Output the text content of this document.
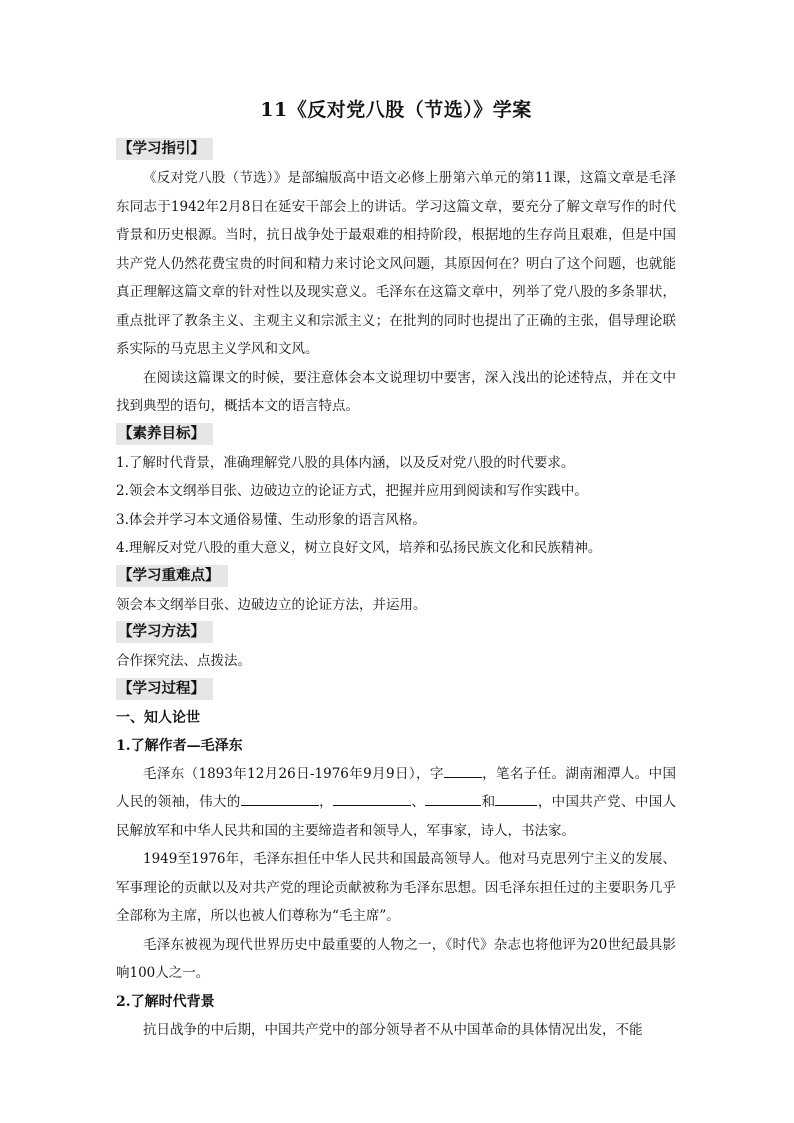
11《反对党八股（节选）》学案
【学习指引】

《反对党八股（节选）》是部编版高中语文必修上册第六单元的第11课，这篇文章是毛泽东同志于1942年2月8日在延安干部会上的讲话。学习这篇文章，要充分了解文章写作的时代背景和历史根源。当时，抗日战争处于最艰难的相持阶段，根据地的生存尚且艰难，但是中国共产党人仍然花费宝贵的时间和精力来讨论文风问题，其原因何在？明白了这个问题，也就能真正理解这篇文章的针对性以及现实意义。毛泽东在这篇文章中，列举了党八股的多条罪状，重点批评了教条主义、主观主义和宗派主义；在批判的同时也提出了正确的主张，倡导理论联系实际的马克思主义学风和文风。

在阅读这篇课文的时候，要注意体会本文说理切中要害，深入浅出的论述特点，并在文中找到典型的语句，概括本文的语言特点。

【素养目标】
1.了解时代背景，准确理解党八股的具体内涵，以及反对党八股的时代要求。
2.领会本文纲举目张、边破边立的论证方式，把握并应用到阅读和写作实践中。
3.体会并学习本文通俗易懂、生动形象的语言风格。
4.理解反对党八股的重大意义，树立良好文风，培养和弘扬民族文化和民族精神。
【学习重难点】
领会本文纲举目张、边破边立的论证方法，并运用。
【学习方法】
合作探究法、点拨法。
【学习过程】
一、知人论世
1.了解作者—毛泽东

毛泽东（1893年12月26日-1976年9月9日），字	，笔名子任。湖南湘潭人。中国人民的领袖，伟大的	，	、	和	，中国共产党、中国人民解放军和中华人民共和国的主要缔造者和领导人，军事家，诗人，书法家。

1949至1976年，毛泽东担任中华人民共和国最高领导人。他对马克思列宁主义的发展、军事理论的贡献以及对共产党的理论贡献被称为毛泽东思想。因毛泽东担任过的主要职务几乎全部称为主席，所以也被人们尊称为“毛主席”。

毛泽东被视为现代世界历史中最重要的人物之一，《时代》杂志也将他评为20世纪最具影响100人之一。

2.了解时代背景

抗日战争的中后期，中国共产党中的部分领导者不从中国革命的具体情况出发，不能
